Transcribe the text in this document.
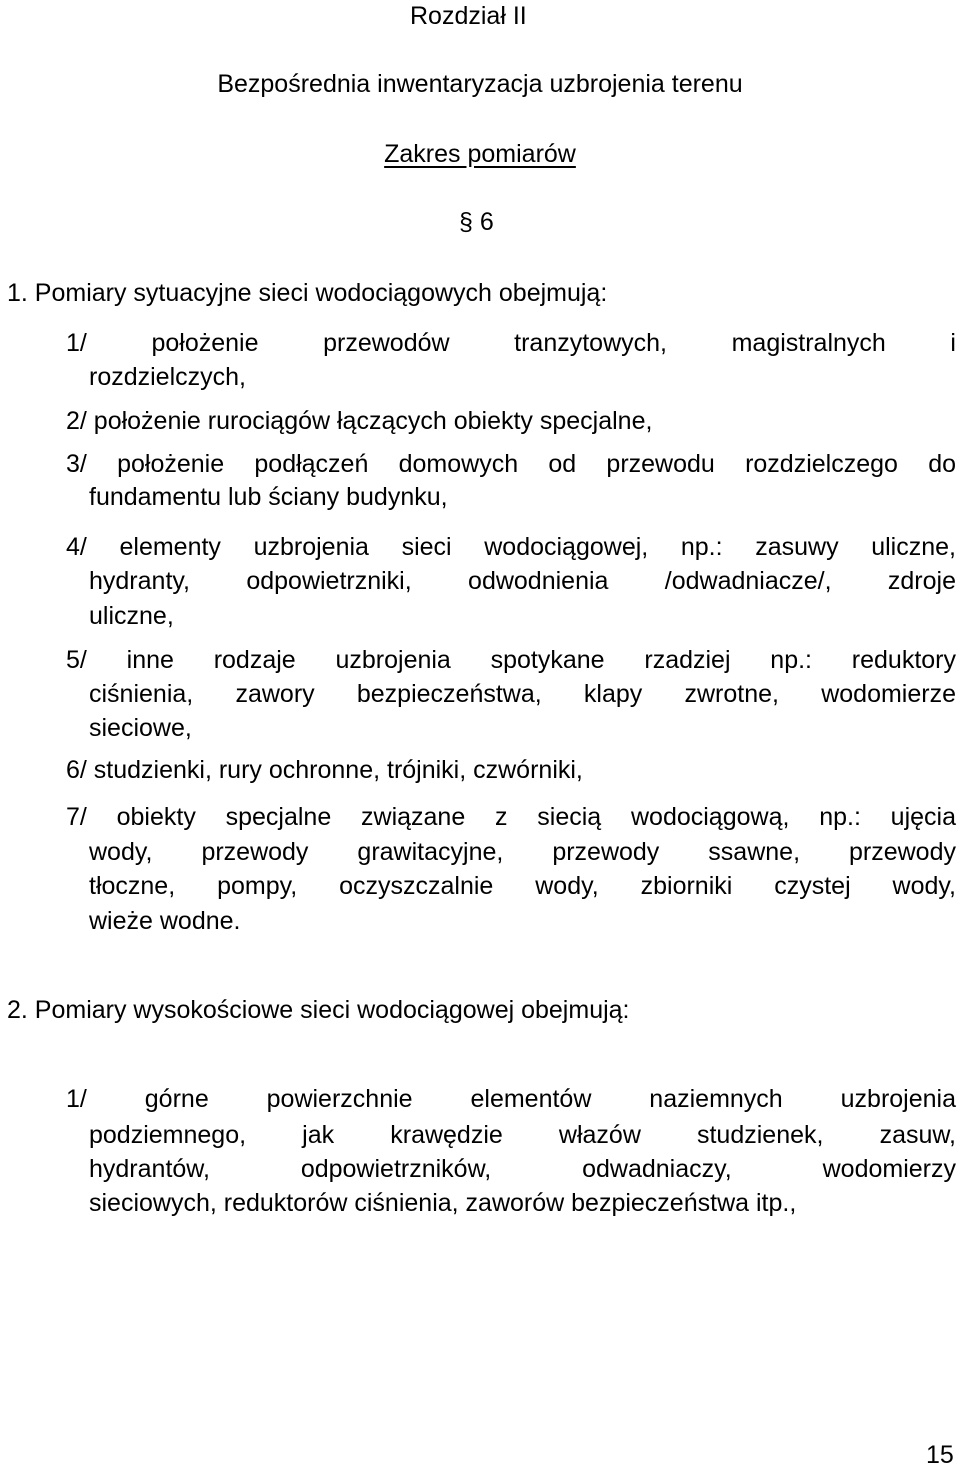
Rozdział II
Bezpośrednia inwentaryzacja uzbrojenia terenu
Zakres pomiarów
§ 6
1. Pomiary sytuacyjne sieci wodociągowych obejmują:
1/ położenie przewodów tranzytowych, magistralnych i
rozdzielczych,
2/ położenie rurociągów łączących obiekty specjalne,
3/ położenie podłączeń domowych od przewodu rozdzielczego do
fundamentu lub ściany budynku,
4/ elementy uzbrojenia sieci wodociągowej, np.: zasuwy uliczne,
hydranty, odpowietrzniki, odwodnienia /odwadniacze/, zdroje
uliczne,
5/ inne rodzaje uzbrojenia spotykane rzadziej np.: reduktory
ciśnienia, zawory bezpieczeństwa, klapy zwrotne, wodomierze
sieciowe,
6/ studzienki, rury ochronne, trójniki, czwórniki,
7/ obiekty specjalne związane z siecią wodociągową, np.: ujęcia
wody, przewody grawitacyjne, przewody ssawne, przewody
tłoczne, pompy, oczyszczalnie wody, zbiorniki czystej wody,
wieże wodne.
2. Pomiary wysokościowe sieci wodociągowej obejmują:
1/ górne powierzchnie elementów naziemnych uzbrojenia
podziemnego, jak krawędzie włazów studzienek, zasuw,
hydrantów, odpowietrzników, odwadniaczy, wodomierzy
sieciowych, reduktorów ciśnienia, zaworów bezpieczeństwa itp.,
15
